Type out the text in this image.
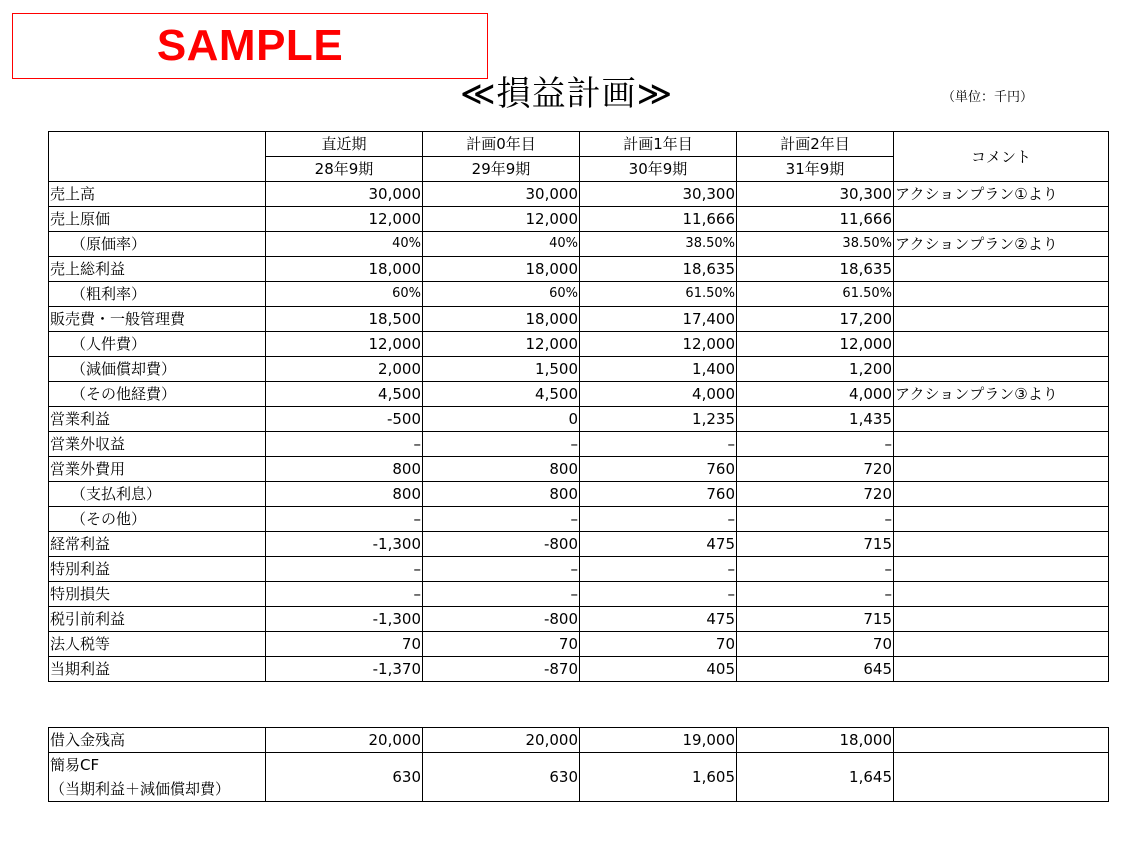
SAMPLE
≪損益計画≫	（単位：千円）
	直近期	計画0年目	計画1年目	計画2年目	コメント
	28年9期	29年9期	30年9期	31年9期	
売上高	30,000	30,000	30,300	30,300	アクションプラン①より
売上原価	12,000	12,000	11,666	11,666	
（原価率）	40%	40%	38.50%	38.50%	アクションプラン②より
売上総利益	18,000	18,000	18,635	18,635	
（粗利率）	60%	60%	61.50%	61.50%	
販売費・一般管理費	18,500	18,000	17,400	17,200	
（人件費）	12,000	12,000	12,000	12,000	
（減価償却費）	2,000	1,500	1,400	1,200	
（その他経費）	4,500	4,500	4,000	4,000	アクションプラン③より
営業利益	-500	0	1,235	1,435	
営業外収益	–	–	–	–	
営業外費用	800	800	760	720	
（支払利息）	800	800	760	720	
（その他）	–	–	–	–	
経常利益	-1,300	-800	475	715	
特別利益	–	–	–	–	
特別損失	–	–	–	–	
税引前利益	-1,300	-800	475	715	
法人税等	70	70	70	70	
当期利益	-1,370	-870	405	645	
借入金残高	20,000	20,000	19,000	18,000	

簡易CF
（当期利益＋減価償却費）	630	630	1,605	1,645	
